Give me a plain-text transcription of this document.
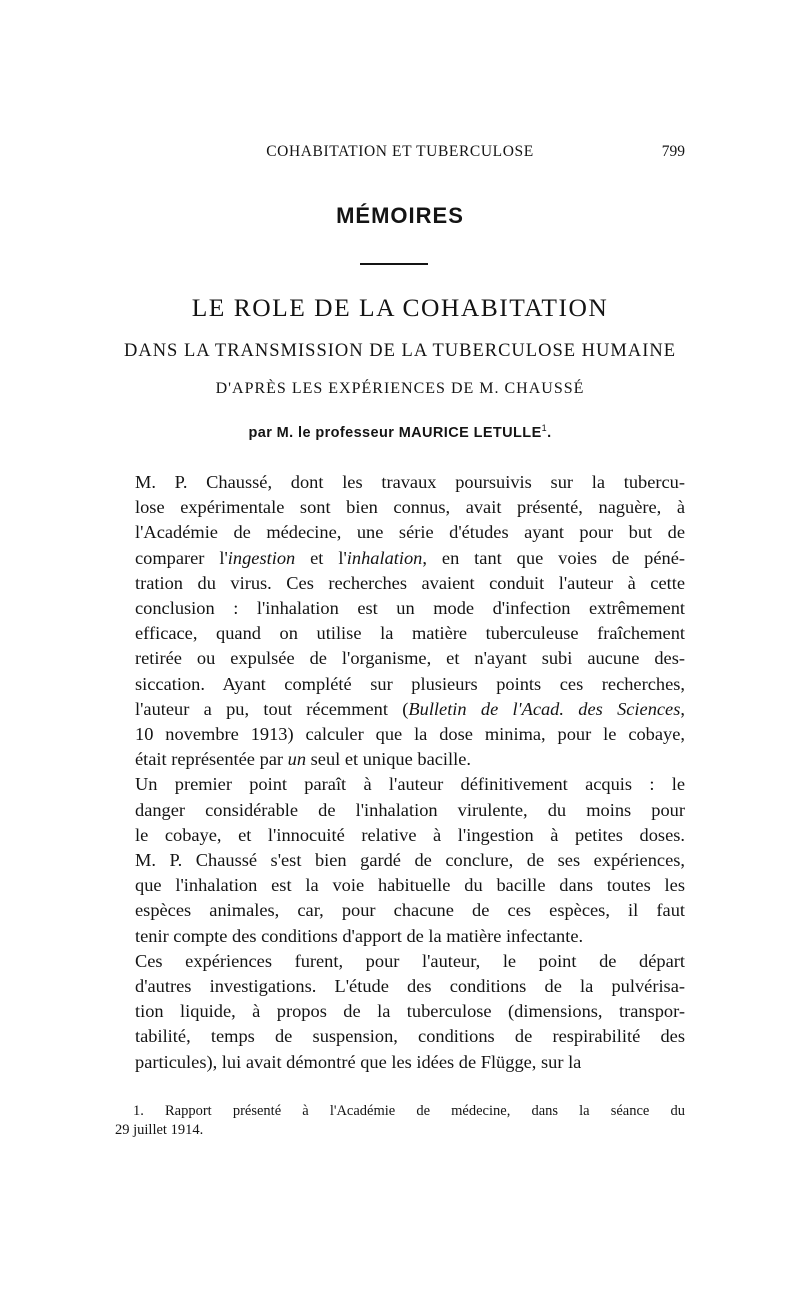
COHABITATION ET TUBERCULOSE	799
MÉMOIRES
LE ROLE DE LA COHABITATION
DANS LA TRANSMISSION DE LA TUBERCULOSE HUMAINE
D'APRÈS LES EXPÉRIENCES DE M. CHAUSSÉ
par M. le professeur MAURICE LETULLE$^1$.
M. P. Chaussé, dont les travaux poursuivis sur la tubercu-
lose expérimentale sont bien connus, avait présenté, naguère, à
l'Académie de médecine, une série d'études ayant pour but de
comparer l'ingestion et l'inhalation, en tant que voies de péné-
tration du virus. Ces recherches avaient conduit l'auteur à cette
conclusion : l'inhalation est un mode d'infection extrêmement
efficace, quand on utilise la matière tuberculeuse fraîchement
retirée ou expulsée de l'organisme, et n'ayant subi aucune des-
siccation. Ayant complété sur plusieurs points ces recherches,
l'auteur a pu, tout récemment (Bulletin de l'Acad. des Sciences,
10 novembre 1913) calculer que la dose minima, pour le cobaye,
était représentée par un seul et unique bacille.
Un premier point paraît à l'auteur définitivement acquis : le
danger considérable de l'inhalation virulente, du moins pour
le cobaye, et l'innocuité relative à l'ingestion à petites doses.
M. P. Chaussé s'est bien gardé de conclure, de ses expériences,
que l'inhalation est la voie habituelle du bacille dans toutes les
espèces animales, car, pour chacune de ces espèces, il faut
tenir compte des conditions d'apport de la matière infectante.
Ces expériences furent, pour l'auteur, le point de départ
d'autres investigations. L'étude des conditions de la pulvérisa-
tion liquide, à propos de la tuberculose (dimensions, transpor-
tabilité, temps de suspension, conditions de respirabilité des
particules), lui avait démontré que les idées de Flügge, sur la
1. Rapport présenté à l'Académie de médecine, dans la séance du
29 juillet 1914.
